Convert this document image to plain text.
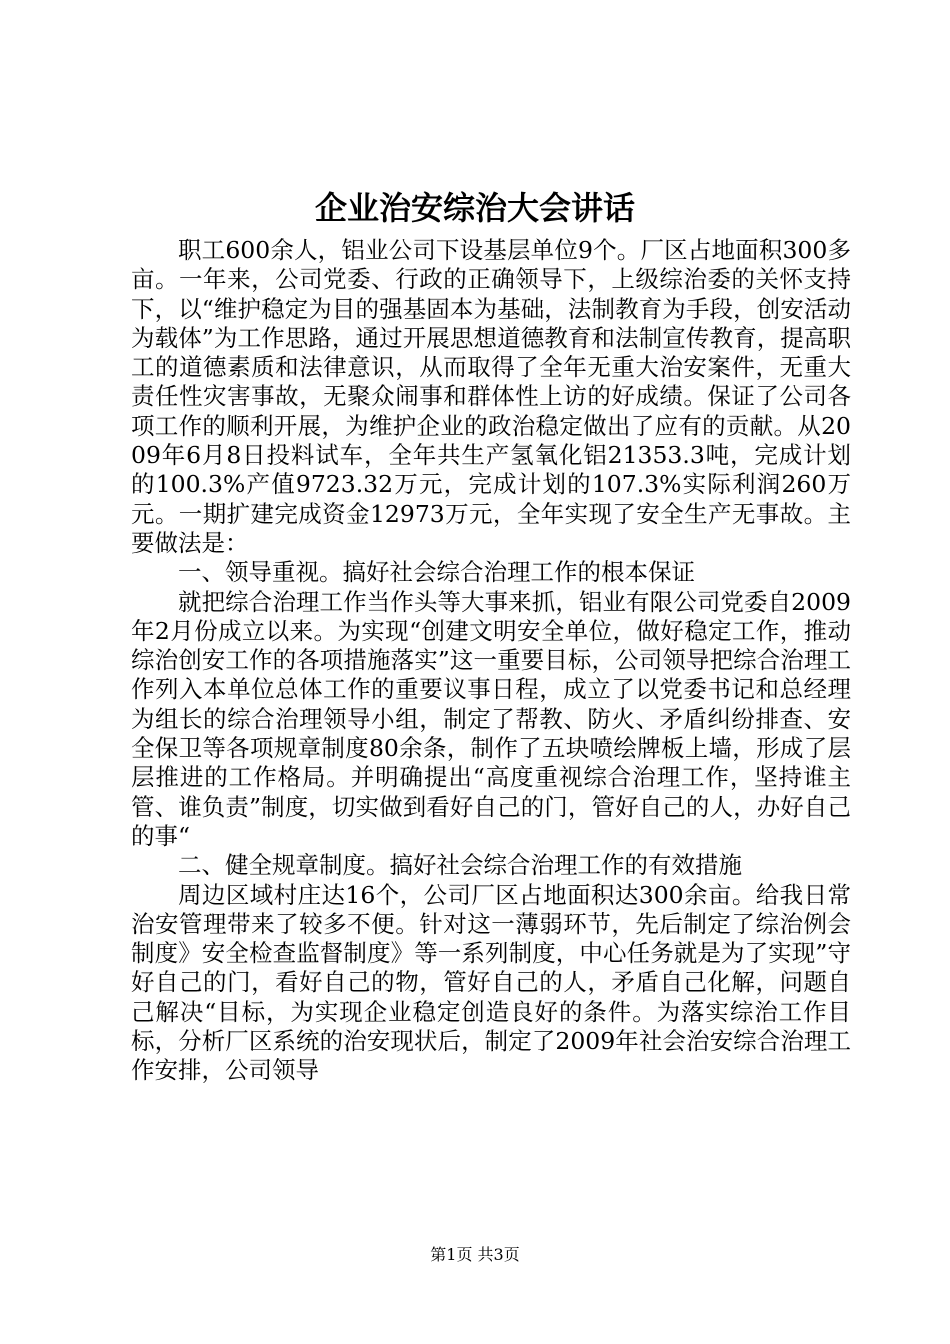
企业治安综治大会讲话

职工600余人，铝业公司下设基层单位9个。厂区占地面积300多亩。一年来，公司党委、行政的正确领导下，上级综治委的关怀支持下，以“维护稳定为目的强基固本为基础，法制教育为手段，创安活动为载体”为工作思路，通过开展思想道德教育和法制宣传教育，提高职工的道德素质和法律意识，从而取得了全年无重大治安案件，无重大责任性灾害事故，无聚众闹事和群体性上访的好成绩。保证了公司各项工作的顺利开展，为维护企业的政治稳定做出了应有的贡献。从2009年6月8日投料试车，全年共生产氢氧化铝21353.3吨，完成计划的100.3%产值9723.32万元，完成计划的107.3%实际利润260万元。一期扩建完成资金12973万元，全年实现了安全生产无事故。主要做法是：

一、领导重视。搞好社会综合治理工作的根本保证

就把综合治理工作当作头等大事来抓，铝业有限公司党委自2009年2月份成立以来。为实现“创建文明安全单位，做好稳定工作，推动综治创安工作的各项措施落实”这一重要目标，公司领导把综合治理工作列入本单位总体工作的重要议事日程，成立了以党委书记和总经理为组长的综合治理领导小组，制定了帮教、防火、矛盾纠纷排查、安全保卫等各项规章制度80余条，制作了五块喷绘牌板上墙，形成了层层推进的工作格局。并明确提出“高度重视综合治理工作，坚持谁主管、谁负责”制度，切实做到看好自己的门，管好自己的人，办好自己的事“

二、健全规章制度。搞好社会综合治理工作的有效措施

周边区域村庄达16个，公司厂区占地面积达300余亩。给我日常治安管理带来了较多不便。针对这一薄弱环节，先后制定了综治例会制度》安全检查监督制度》等一系列制度，中心任务就是为了实现”守好自己的门，看好自己的物，管好自己的人，矛盾自己化解，问题自己解决“目标，为实现企业稳定创造良好的条件。为落实综治工作目标，分析厂区系统的治安现状后，制定了2009年社会治安综合治理工作安排，公司领导

第1页 共3页
